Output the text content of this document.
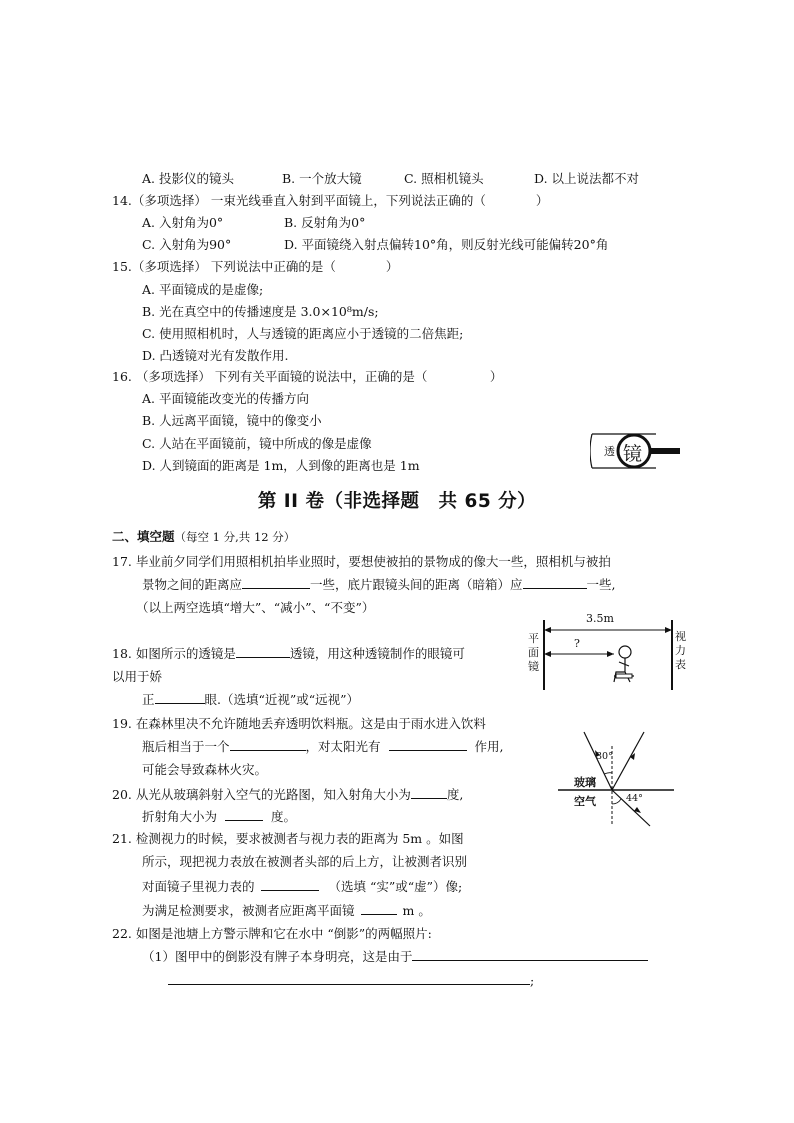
A. 投影仪的镜头	B. 一个放大镜	C. 照相机镜头	D. 以上说法都不对
14.（多项选择） 一束光线垂直入射到平面镜上，下列说法正确的（　　　　）
A. 入射角为0°	B. 反射角为0°
C. 入射角为90°	D. 平面镜绕入射点偏转10°角，则反射光线可能偏转20°角
15.（多项选择） 下列说法中正确的是（　　　　）
A. 平面镜成的是虚像;
B. 光在真空中的传播速度是 3.0×10⁸m/s;
C. 使用照相机时，人与透镜的距离应小于透镜的二倍焦距;
D. 凸透镜对光有发散作用.
16. （多项选择） 下列有关平面镜的说法中，正确的是（　　　　　）
A. 平面镜能改变光的传播方向
B. 人远离平面镜，镜中的像变小
C. 人站在平面镜前，镜中所成的像是虚像
D. 人到镜面的距离是 1m，人到像的距离也是 1m
透 镜
第 II 卷（非选择题　共 65 分）
二、填空题（每空 1 分,共 12 分）
17. 毕业前夕同学们用照相机拍毕业照时，要想使被拍的景物成的像大一些，照相机与被拍
景物之间的距离应	一些，底片跟镜头间的距离（暗箱）应	一些,
（以上两空选填“增大”、“减小”、“不变”）
18. 如图所示的透镜是	透镜，用这种透镜制作的眼镜可
以用于娇
正	眼.（选填“近视”或“远视”）
3.5m
?
平
面
镜
视
力
表
19. 在森林里决不允许随地丢弃透明饮料瓶。这是由于雨水进入饮料
瓶后相当于一个	，对太阳光有	作用,
可能会导致森林火灾。
20. 从光从玻璃斜射入空气的光路图，知入射角大小为	度,
折射角大小为	度。
30°
玻璃
空气	44°
21. 检测视力的时候，要求被测者与视力表的距离为 5m 。如图
所示，现把视力表放在被测者头部的后上方，让被测者识别
对面镜子里视力表的	（选填 “实”或“虚”）像;
为满足检测要求，被测者应距离平面镜	m 。
22. 如图是池塘上方警示牌和它在水中 “倒影”的两幅照片:
（1）图甲中的倒影没有牌子本身明亮，这是由于
;
